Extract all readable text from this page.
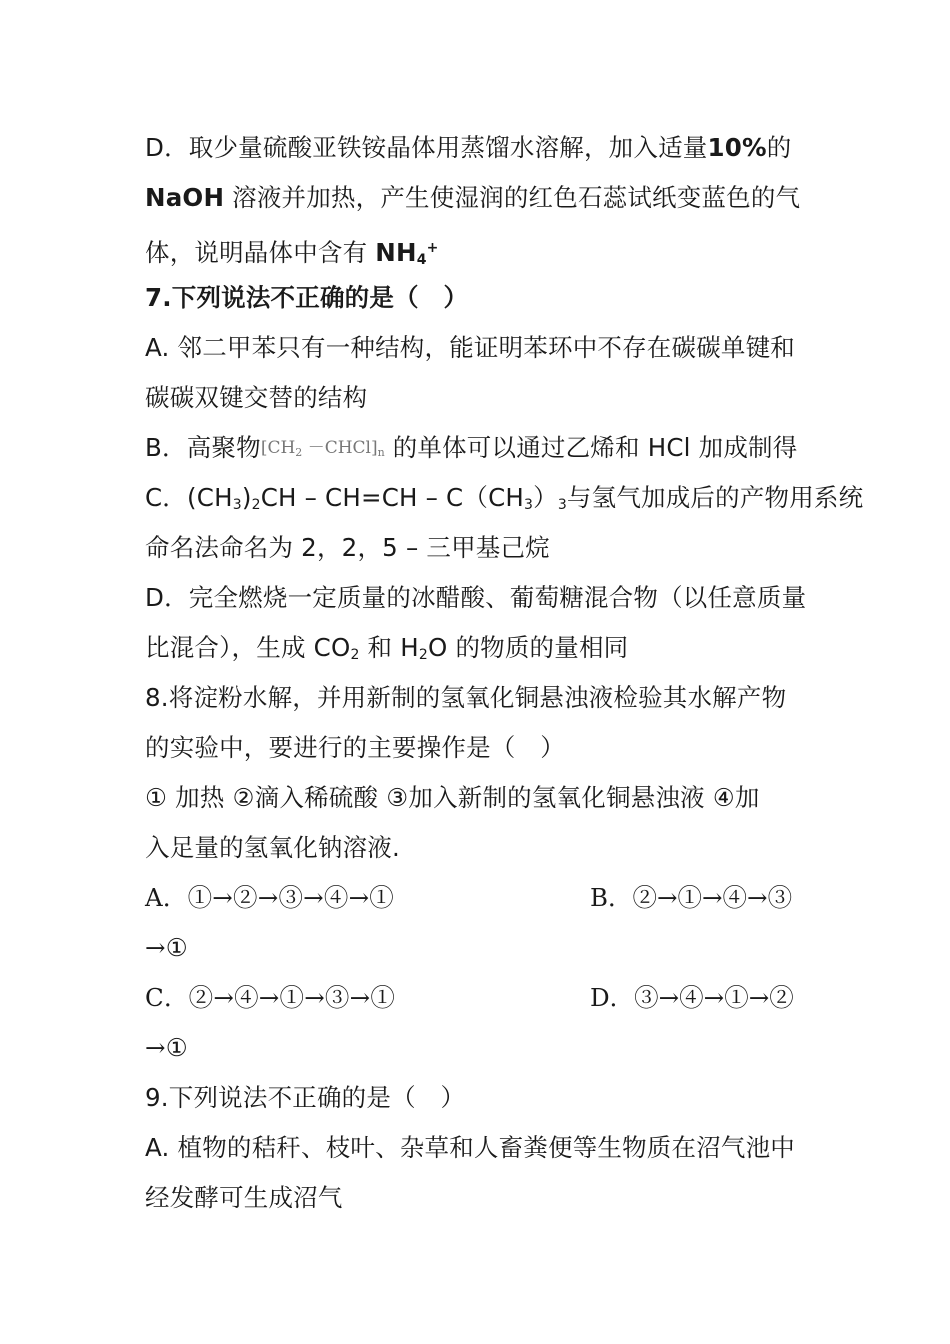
D．取少量硫酸亚铁铵晶体用蒸馏水溶解，加入适量10%的
NaOH 溶液并加热，产生使湿润的红色石蕊试纸变蓝色的气
体，说明晶体中含有 $NH_4^+$
7.下列说法不正确的是（　）
A. 邻二甲苯只有一种结构，能证明苯环中不存在碳碳单键和
碳碳双键交替的结构
B．高聚物[$CH_2$ $-CHCl]_n$ 的单体可以通过乙烯和 HCl 加成制得
C．$(CH_3)_2CH - CH=CH - C(CH_3)_3$与氢气加成后的产物用系统
命名法命名为 2，2，5 – 三甲基己烷
D．完全燃烧一定质量的冰醋酸、葡萄糖混合物（以任意质量
比混合），生成 $CO_2$ 和 $H_2O$ 的物质的量相同
8.将淀粉水解，并用新制的氢氧化铜悬浊液检验其水解产物
的实验中，要进行的主要操作是（　）
① 加热 ②滴入稀硫酸 ③加入新制的氢氧化铜悬浊液 ④加
入足量的氢氧化钠溶液.
A．①→②→③→④→①	B．②→①→④→③
→①
C．②→④→①→③→①	D．③→④→①→②
→①
9.下列说法不正确的是（　）
A. 植物的秸秆、枝叶、杂草和人畜粪便等生物质在沼气池中
经发酵可生成沼气
